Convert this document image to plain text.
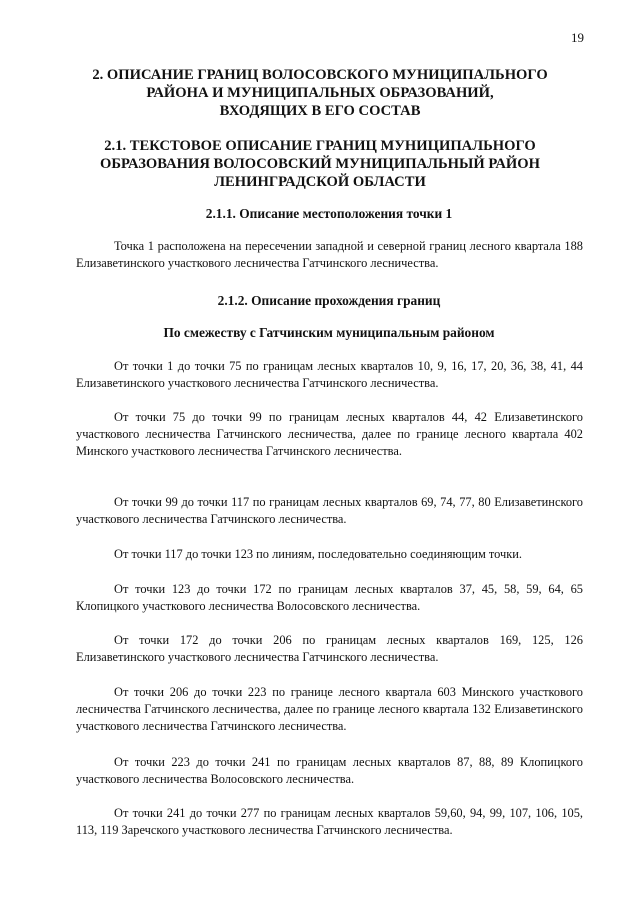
19
2. ОПИСАНИЕ ГРАНИЦ ВОЛОСОВСКОГО МУНИЦИПАЛЬНОГО
РАЙОНА И МУНИЦИПАЛЬНЫХ ОБРАЗОВАНИЙ,
ВХОДЯЩИХ В ЕГО СОСТАВ
2.1. ТЕКСТОВОЕ ОПИСАНИЕ ГРАНИЦ МУНИЦИПАЛЬНОГО
ОБРАЗОВАНИЯ ВОЛОСОВСКИЙ МУНИЦИПАЛЬНЫЙ РАЙОН
ЛЕНИНГРАДСКОЙ ОБЛАСТИ

2.1.1. Описание местоположения точки 1

Точка 1 расположена на пересечении западной и северной границ лесного квартала 188 Елизаветинского участкового лесничества Гатчинского лесничества.

2.1.2. Описание прохождения границ

По смежеству с Гатчинским муниципальным районом

От точки 1 до точки 75 по границам лесных кварталов 10, 9, 16, 17, 20, 36, 38, 41, 44 Елизаветинского участкового лесничества Гатчинского лесничества.

От точки 75 до точки 99 по границам лесных кварталов 44, 42 Елизаветинского участкового лесничества Гатчинского лесничества, далее по границе лесного квартала 402 Минского участкового лесничества Гатчинского лесничества.

От точки 99 до точки 117 по границам лесных кварталов 69, 74, 77, 80 Елизаветинского участкового лесничества Гатчинского лесничества.

От точки 117 до точки 123 по линиям, последовательно соединяющим точки.

От точки 123 до точки 172 по границам лесных кварталов 37, 45, 58, 59, 64, 65 Клопицкого участкового лесничества Волосовского лесничества.

От точки 172 до точки 206 по границам лесных кварталов 169, 125, 126 Елизаветинского участкового лесничества Гатчинского лесничества.

От точки 206 до точки 223 по границе лесного квартала 603 Минского участкового лесничества Гатчинского лесничества, далее по границе лесного квартала 132 Елизаветинского участкового лесничества Гатчинского лесничества.

От точки 223 до точки 241 по границам лесных кварталов 87, 88, 89 Клопицкого участкового лесничества Волосовского лесничества.

От точки 241 до точки 277 по границам лесных кварталов 59,60, 94, 99, 107, 106, 105, 113, 119 Заречского участкового лесничества Гатчинского лесничества.
